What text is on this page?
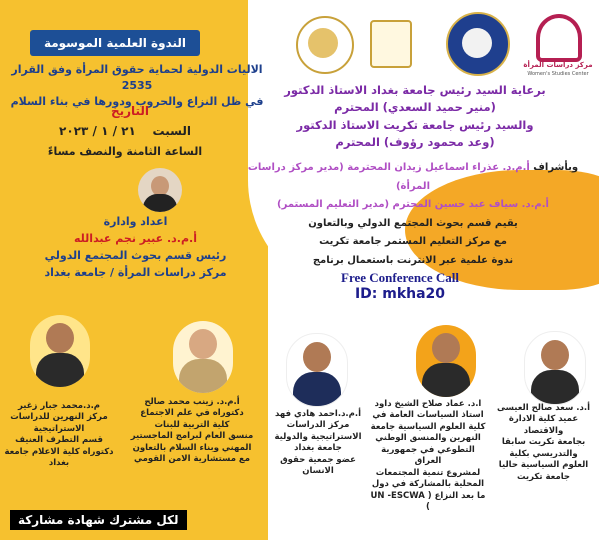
الندوة العلمية الموسومة
الاليات الدولية لحماية حقوق المرأة وفق القرار 2535
في ظل النزاع والحروب ودورها في بناء السلام
التاريخ
السبت    ٢١ / ١ / ٢٠٢٣
الساعة الثامنة والنصف مساءً
اعداد وادارة
أ.م.د. عبير نجم عبدالله
رئيس قسم بحوث المجتمع الدولي
مركز دراسات المرأة / جامعة بغداد
مركز دراسات المرأة
Women's Studies Center
برعاية السيد رئيس جامعة بغداد الاستاذ الدكتور
(منير حميد السعدي) المحترم
والسيد رئيس جامعة تكريت الاستاذ الدكتور
(وعد محمود رؤوف) المحترم
وبأشراف أ.م.د. عذراء اسماعيل زيدان المحترمة (مدير مركز دراسات المرأة)
أ.م.د. سياف عبد حسين المحترم (مدير التعليم المستمر)
يقيم قسم بحوث المجتمع الدولي وبالتعاون
مع مركز التعليم المستمر جامعة تكريت
ندوة علمية عبر الانترنت باستعمال برنامج
Free Conference Call
ID: mkha20
م.د.محمد جبار زغير
مركز النهرين للدراسات الاستراتيجية
قسم التطرف العنيف
دكتوراه كلية الاعلام جامعة بغداد
أ.م.د. زينب محمد صالح
دكتوراه في علم الاجتماع
كلية التربية للبنات
منسق العام لبرامج الماجستير
المهني وبناء السلام بالتعاون
مع مستشارية الامن القومي
أ.م.د.احمد هادي فهد
مركز الدراسات
الاستراتيجية والدولية
جامعة بغداد
عضو جمعية حقوق الانسان
ا.د. عماد صلاح الشيخ داود
استاذ السياسات العامة في
كلية العلوم السياسية جامعة
النهرين والمنسق الوطني
التطوعي في جمهورية العراق
لمشروع تنمية المجتمعات
المحلية بالمشاركة في دول
ما بعد النزاع ( UN -ESCWA )
أ.د. سعد صالح العيسى
عميد كلية الادارة والاقتصاد
بجامعة تكريت سابقا
والتدريسي بكلية
العلوم السياسية حاليا
جامعة تكريت
لكل مشترك شهادة مشاركة
